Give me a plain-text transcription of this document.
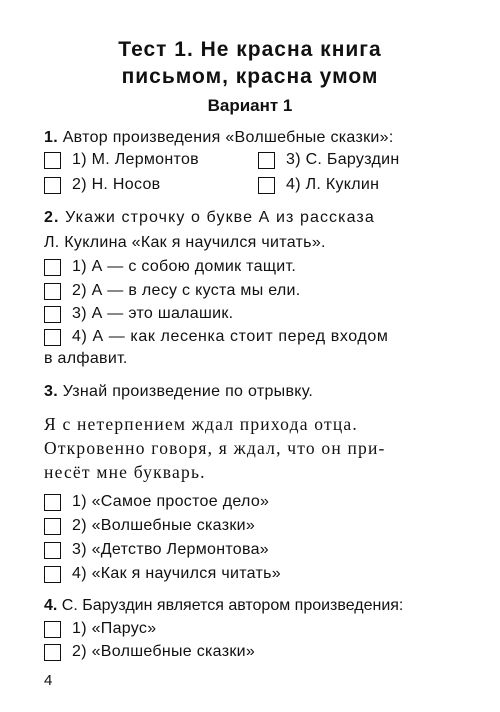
Тест 1. Не красна книга
письмом, красна умом
Вариант 1
1. Автор произведения «Волшебные сказки»:
1) М. Лермонтов	3) С. Баруздин
2) Н. Носов	4) Л. Куклин
2. Укажи строчку о букве А из рассказа
Л. Куклина «Как я научился читать».
1) А — с собою домик тащит.
2) А — в лесу с куста мы ели.
3) А — это шалашик.
4) А — как лесенка стоит перед входом
в алфавит.
3. Узнай произведение по отрывку.
Я с нетерпением ждал прихода отца.
Откровенно говоря, я ждал, что он при-
несёт мне букварь.
1) «Самое простое дело»
2) «Волшебные сказки»
3) «Детство Лермонтова»
4) «Как я научился читать»
4. С. Баруздин является автором произведения:
1) «Парус»
2) «Волшебные сказки»
4
